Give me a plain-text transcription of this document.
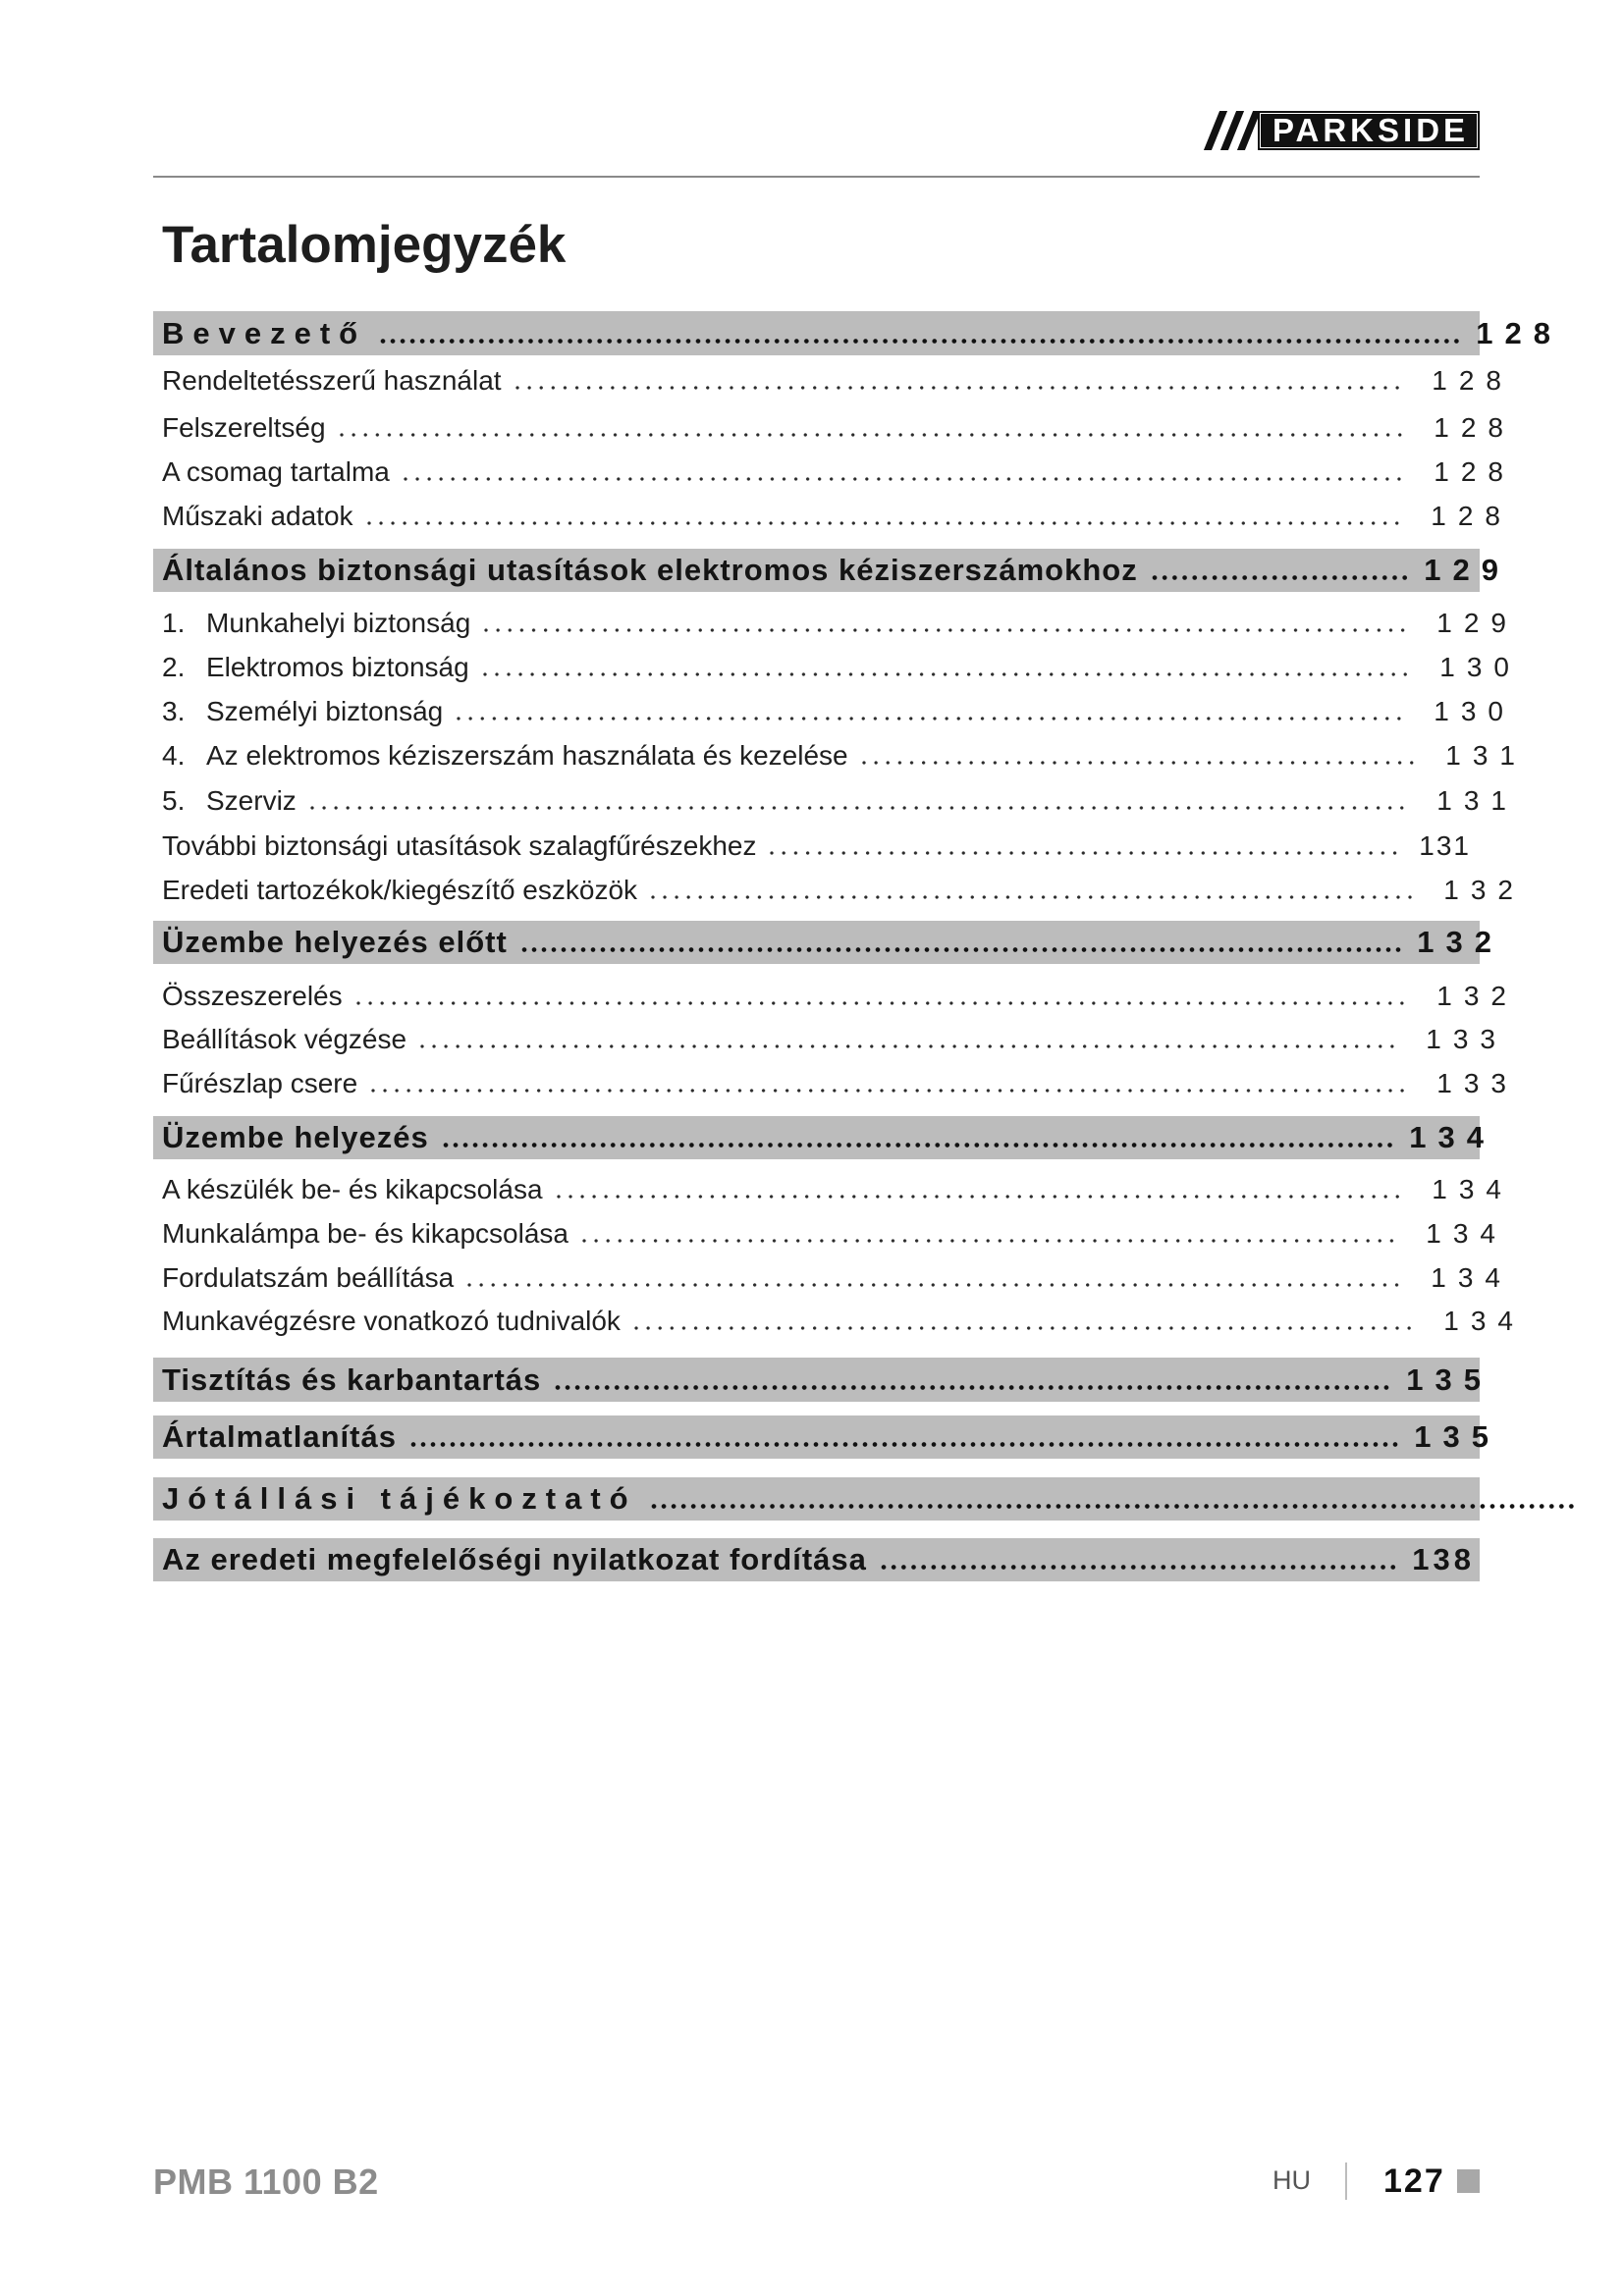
PARKSIDE
Tartalomjegyzék
Bevezető	128
Rendeltetésszerű használat	128
Felszereltség	128
A csomag tartalma	128
Műszaki adatok	128
Általános biztonsági utasítások elektromos kéziszerszámokhoz	129
1. Munkahelyi biztonság	129
2. Elektromos biztonság	130
3. Személyi biztonság	130
4. Az elektromos kéziszerszám használata és kezelése	131
5. Szerviz	131
További biztonsági utasítások szalagfűrészekhez	131
Eredeti tartozékok/kiegészítő eszközök	132
Üzembe helyezés előtt	132
Összeszerelés	132
Beállítások végzése	133
Fűrészlap csere	133
Üzembe helyezés	134
A készülék be- és kikapcsolása	134
Munkalámpa be- és kikapcsolása	134
Fordulatszám beállítása	134
Munkavégzésre vonatkozó tudnivalók	134
Tisztítás és karbantartás	135
Ártalmatlanítás	135
Jótállási tájékoztató
Az eredeti megfelelőségi nyilatkozat fordítása	138
PMB 1100 B2	HU 127
